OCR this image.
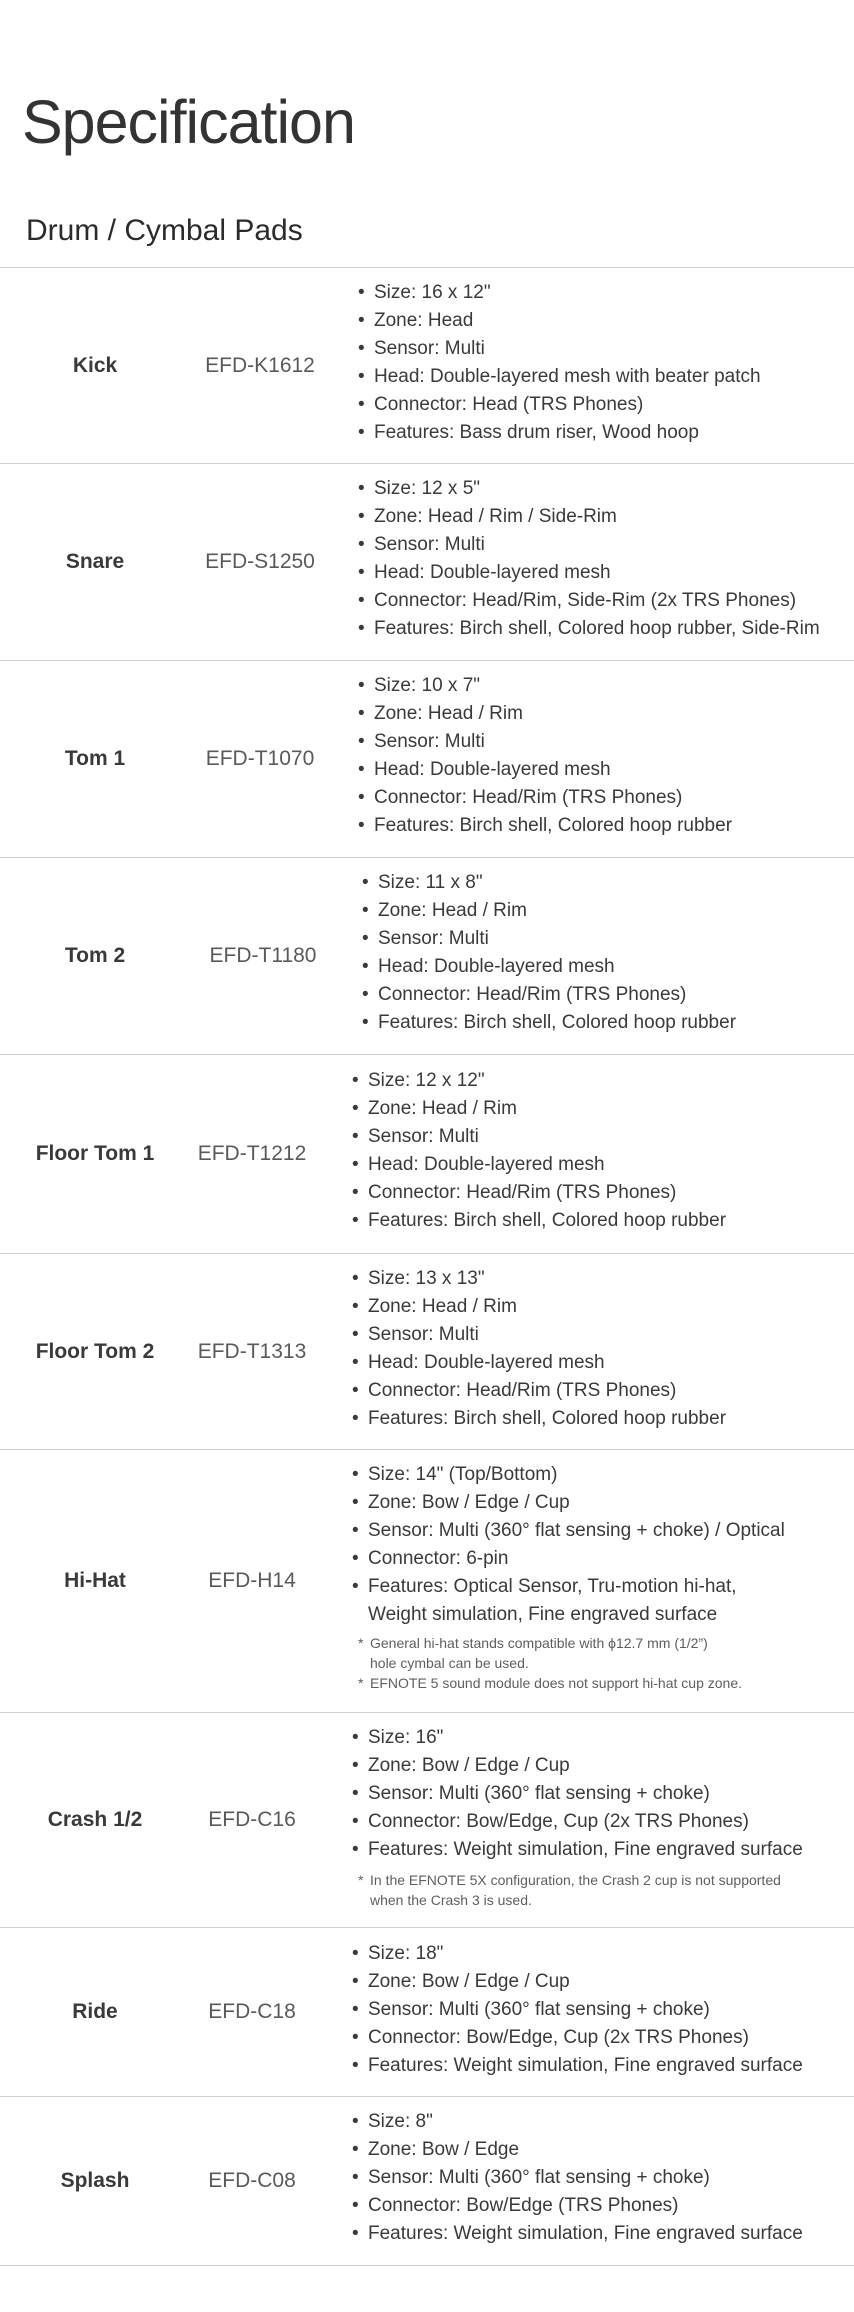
Specification
Drum / Cymbal Pads
Kick	EFD-K1612
• Size: 16 x 12"
• Zone: Head
• Sensor: Multi
• Head: Double-layered mesh with beater patch
• Connector: Head (TRS Phones)
• Features: Bass drum riser, Wood hoop
Snare	EFD-S1250
• Size: 12 x 5"
• Zone: Head / Rim / Side-Rim
• Sensor: Multi
• Head: Double-layered mesh
• Connector: Head/Rim, Side-Rim (2x TRS Phones)
• Features: Birch shell, Colored hoop rubber, Side-Rim
Tom 1	EFD-T1070
• Size: 10 x 7"
• Zone: Head / Rim
• Sensor: Multi
• Head: Double-layered mesh
• Connector: Head/Rim (TRS Phones)
• Features: Birch shell, Colored hoop rubber
Tom 2	EFD-T1180
• Size: 11 x 8"
• Zone: Head / Rim
• Sensor: Multi
• Head: Double-layered mesh
• Connector: Head/Rim (TRS Phones)
• Features: Birch shell, Colored hoop rubber
Floor Tom 1	EFD-T1212
• Size: 12 x 12"
• Zone: Head / Rim
• Sensor: Multi
• Head: Double-layered mesh
• Connector: Head/Rim (TRS Phones)
• Features: Birch shell, Colored hoop rubber
Floor Tom 2	EFD-T1313
• Size: 13 x 13"
• Zone: Head / Rim
• Sensor: Multi
• Head: Double-layered mesh
• Connector: Head/Rim (TRS Phones)
• Features: Birch shell, Colored hoop rubber
Hi-Hat	EFD-H14
• Size: 14" (Top/Bottom)
• Zone: Bow / Edge / Cup
• Sensor: Multi (360° flat sensing + choke) / Optical
• Connector: 6-pin
• Features: Optical Sensor, Tru-motion hi-hat,
Weight simulation, Fine engraved surface
* General hi-hat stands compatible with ϕ12.7 mm (1/2”)
hole cymbal can be used.
* EFNOTE 5 sound module does not support hi-hat cup zone.
Crash 1/2	EFD-C16
• Size: 16"
• Zone: Bow / Edge / Cup
• Sensor: Multi (360° flat sensing + choke)
• Connector: Bow/Edge, Cup (2x TRS Phones)
• Features: Weight simulation, Fine engraved surface
* In the EFNOTE 5X configuration, the Crash 2 cup is not supported
when the Crash 3 is used.
Ride	EFD-C18
• Size: 18"
• Zone: Bow / Edge / Cup
• Sensor: Multi (360° flat sensing + choke)
• Connector: Bow/Edge, Cup (2x TRS Phones)
• Features: Weight simulation, Fine engraved surface
Splash	EFD-C08
• Size: 8"
• Zone: Bow / Edge
• Sensor: Multi (360° flat sensing + choke)
• Connector: Bow/Edge (TRS Phones)
• Features: Weight simulation, Fine engraved surface
